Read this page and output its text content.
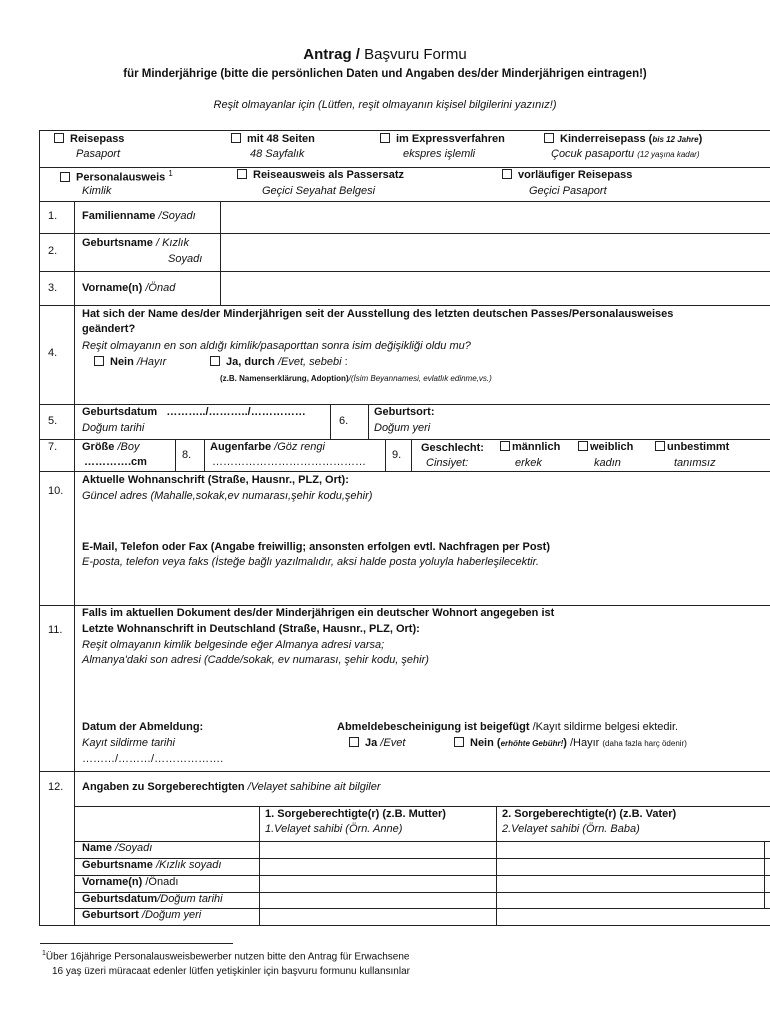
Antrag / Başvuru Formu
für Minderjährige (bitte die persönlichen Daten und Angaben des/der Minderjährigen eintragen!)
Reşit olmayanlar için (Lütfen, reşit olmayanın kişisel bilgilerini yazınız!)
Reisepass
Pasaport
mit 48 Seiten
48 Sayfalık
im Expressverfahren
ekspres işlemli
Kinderreisepass (bis 12 Jahre)
Çocuk pasaportu (12 yaşına kadar)
Personalausweis $^1$
Kimlik
Reiseausweis als Passersatz
Geçici Seyahat Belgesi
vorläufiger Reisepass
Geçici Pasaport
1. Familienname /Soyadı
2.
Geburtsname / Kızlık
Soyadı
3. Vorname(n) /Önad
4.
Hat sich der Name des/der Minderjährigen seit der Ausstellung des letzten deutschen Passes/Personalausweises
geändert?
Reşit olmayanın en son aldığı kimlik/pasaporttan sonra isim değişikliği oldu mu?
Nein /Hayır	Ja, durch /Evet, sebebi :
(z.B. Namenserklärung, Adoption)/(İsim Beyannamesi, evlatlık edinme,vs.)
5.
Geburtsdatum ………../………../……………
Doğum tarihi
6.
Geburtsort:
Doğum yeri
7. Größe /Boy
………….cm
8.
Augenfarbe /Göz rengi
……………………………………
9.
Geschlecht:
Cinsiyet:
männlich
erkek
weiblich
kadın
unbestimmt
tanımsız
10.
Aktuelle Wohnanschrift (Straße, Hausnr., PLZ, Ort):
Güncel adres (Mahalle,sokak,ev numarası,şehir kodu,şehir)
E-Mail, Telefon oder Fax (Angabe freiwillig; ansonsten erfolgen evtl. Nachfragen per Post)
E-posta, telefon veya faks (İsteğe bağlı yazılmalıdır, aksi halde posta yoluyla haberleşilecektir.
11.
Falls im aktuellen Dokument des/der Minderjährigen ein deutscher Wohnort angegeben ist
Letzte Wohnanschrift in Deutschland (Straße, Hausnr., PLZ, Ort):
Reşit olmayanın kimlik belgesinde eğer Almanya adresi varsa;
Almanya'daki son adresi (Cadde/sokak, ev numarası, şehir kodu, şehir)
Datum der Abmeldung:
Kayıt sildirme tarihi
………/………/……………….
Abmeldebescheinigung ist beigefügt /Kayıt sildirme belgesi ektedir.
Ja /Evet	Nein (erhöhte Gebühr!) /Hayır (daha fazla harç ödenir)
12. Angaben zu Sorgeberechtigten /Velayet sahibine ait bilgiler
1. Sorgeberechtigte(r) (z.B. Mutter)
1.Velayet sahibi (Örn. Anne)
2. Sorgeberechtigte(r) (z.B. Vater)
2.Velayet sahibi (Örn. Baba)
Name /Soyadı
Geburtsname /Kızlık soyadı
Vorname(n) /Önadı
Geburtsdatum/Doğum tarihi
Geburtsort /Doğum yeri
$^1$Über 16jährige Personalausweisbewerber nutzen bitte den Antrag für Erwachsene
16 yaş üzeri müracaat edenler lütfen yetişkinler için başvuru formunu kullansınlar
